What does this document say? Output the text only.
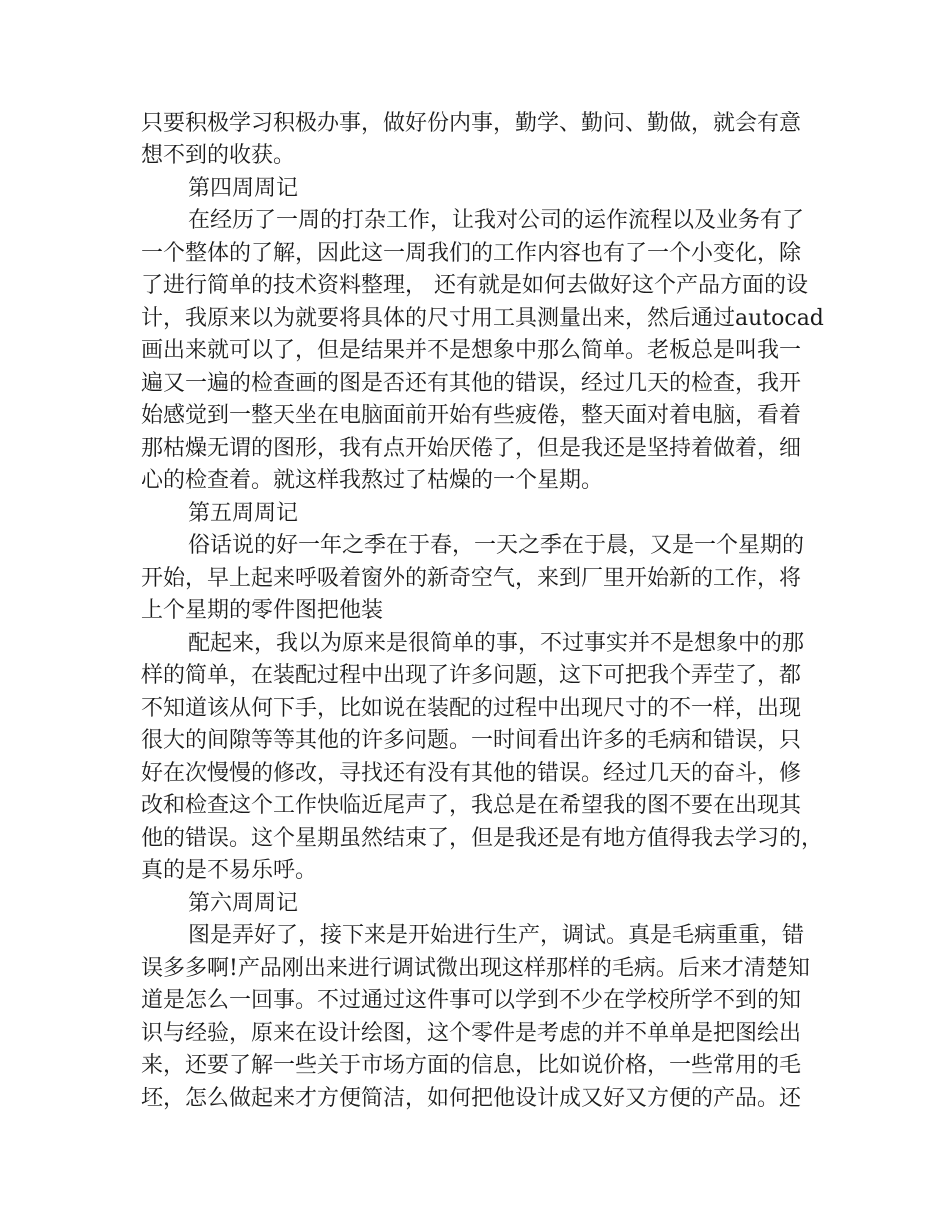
只要积极学习积极办事，做好份内事，勤学、勤问、勤做，就会有意
想不到的收获。
第四周周记
在经历了一周的打杂工作，让我对公司的运作流程以及业务有了
一个整体的了解，因此这一周我们的工作内容也有了一个小变化，除
了进行简单的技术资料整理， 还有就是如何去做好这个产品方面的设
计，我原来以为就要将具体的尺寸用工具测量出来，然后通过autocad
画出来就可以了，但是结果并不是想象中那么简单。老板总是叫我一
遍又一遍的检查画的图是否还有其他的错误，经过几天的检查，我开
始感觉到一整天坐在电脑面前开始有些疲倦，整天面对着电脑，看着
那枯燥无谓的图形，我有点开始厌倦了，但是我还是坚持着做着，细
心的检查着。就这样我熬过了枯燥的一个星期。
第五周周记
俗话说的好一年之季在于春，一天之季在于晨，又是一个星期的
开始，早上起来呼吸着窗外的新奇空气，来到厂里开始新的工作，将
上个星期的零件图把他装
配起来，我以为原来是很简单的事，不过事实并不是想象中的那
样的简单，在装配过程中出现了许多问题，这下可把我个弄茔了，都
不知道该从何下手，比如说在装配的过程中出现尺寸的不一样，出现
很大的间隙等等其他的许多问题。一时间看出许多的毛病和错误，只
好在次慢慢的修改，寻找还有没有其他的错误。经过几天的奋斗，修
改和检查这个工作快临近尾声了，我总是在希望我的图不要在出现其
他的错误。这个星期虽然结束了，但是我还是有地方值得我去学习的，
真的是不易乐呼。
第六周周记
图是弄好了，接下来是开始进行生产，调试。真是毛病重重，错
误多多啊!产品刚出来进行调试微出现这样那样的毛病。后来才清楚知
道是怎么一回事。不过通过这件事可以学到不少在学校所学不到的知
识与经验，原来在设计绘图，这个零件是考虑的并不单单是把图绘出
来，还要了解一些关于市场方面的信息，比如说价格，一些常用的毛
坯，怎么做起来才方便简洁，如何把他设计成又好又方便的产品。还
